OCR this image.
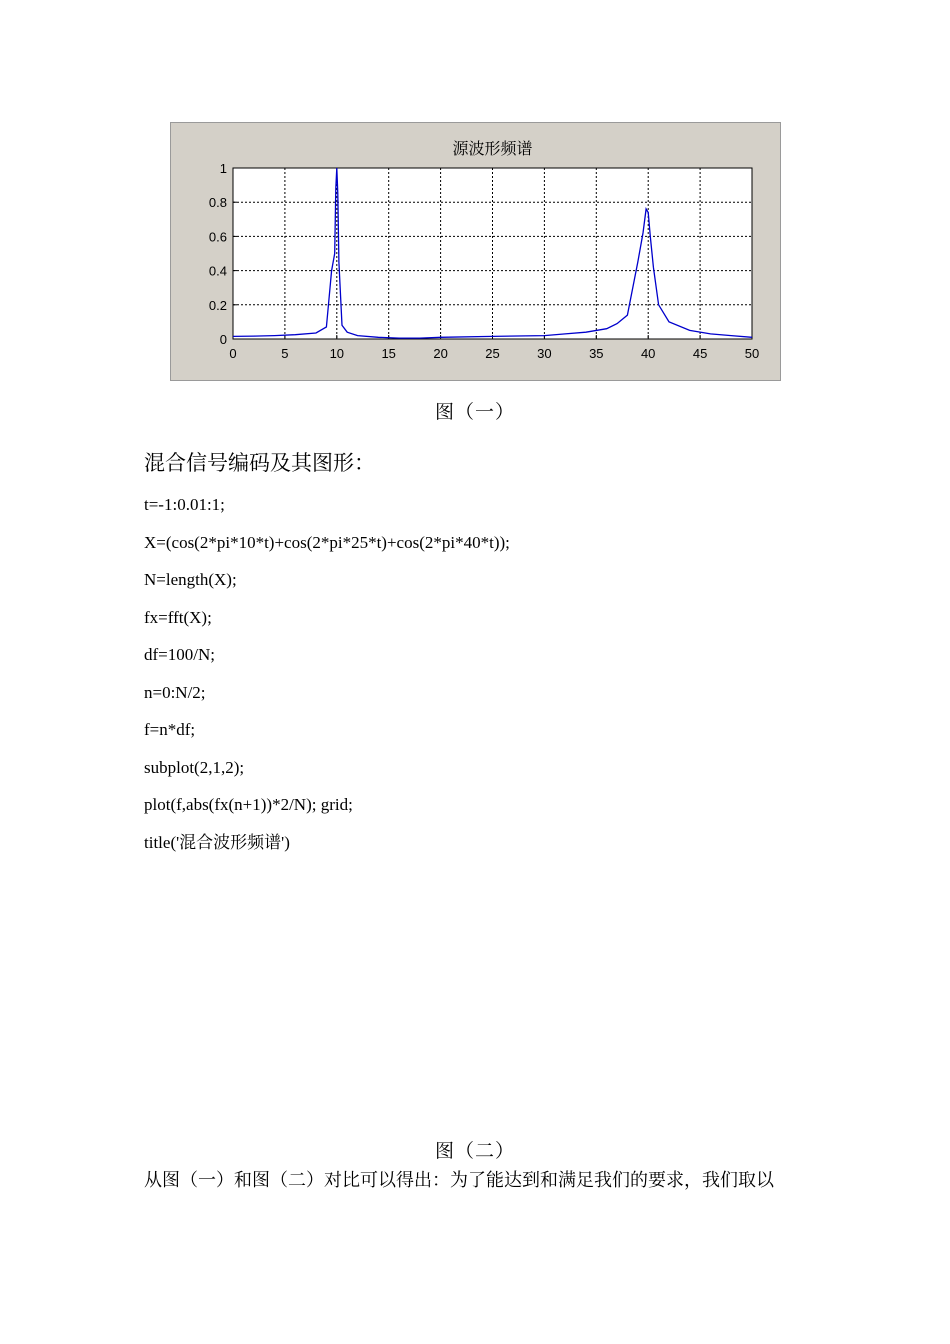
源波形频谱
0	5	10	15	20	25	30	35	40	45	50
0
0.2
0.4
0.6
0.8
1
图（一）
混合信号编码及其图形：
t=-1:0.01:1;
X=(cos(2*pi*10*t)+cos(2*pi*25*t)+cos(2*pi*40*t));
N=length(X);
fx=fft(X);
df=100/N;
n=0:N/2;
f=n*df;
subplot(2,1,2);
plot(f,abs(fx(n+1))*2/N); grid;
title('混合波形频谱')
图（二）
从图（一）和图（二）对比可以得出：为了能达到和满足我们的要求，我们取以
